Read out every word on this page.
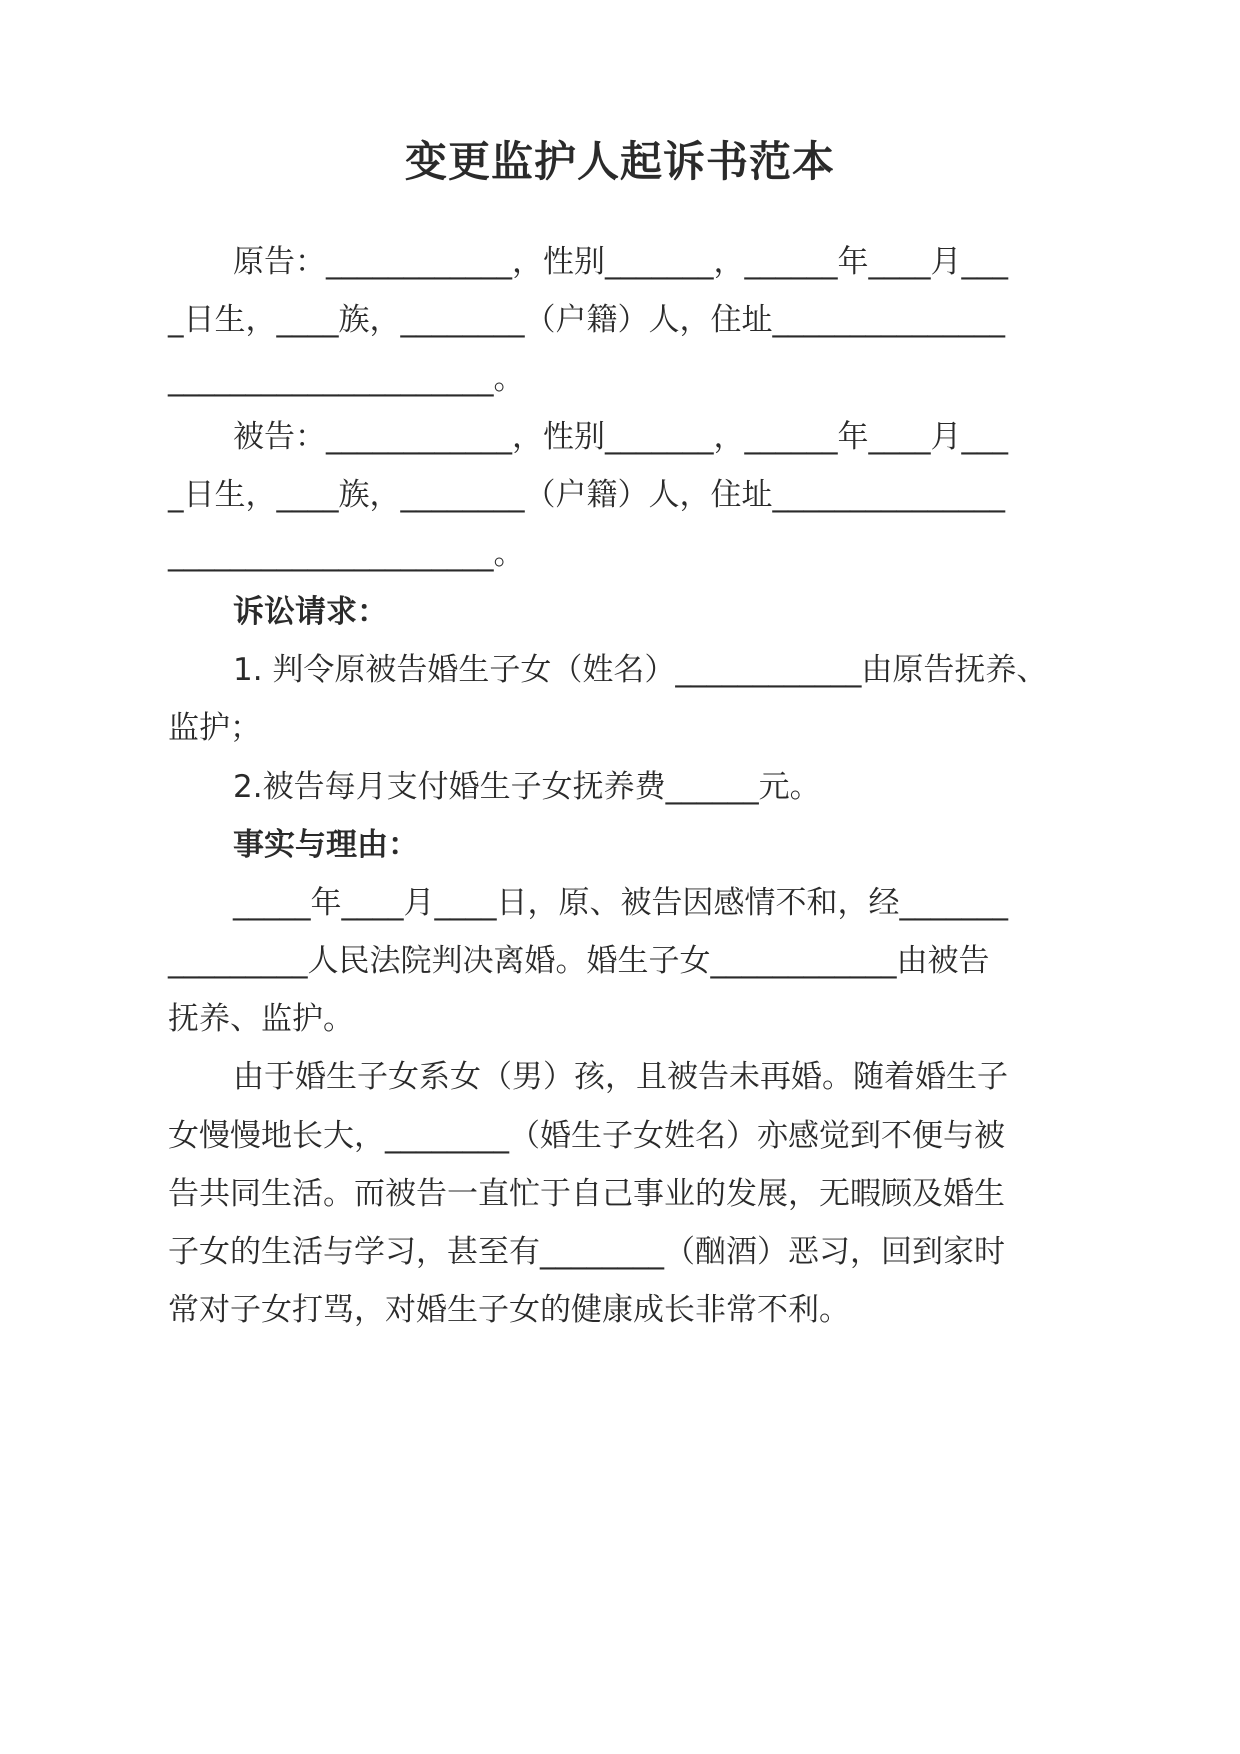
变更监护人起诉书范本
原告：____________，性别_______，______年____月___
_日生，____族，________（户籍）人，住址_______________
_____________________。
被告：____________，性别_______，______年____月___
_日生，____族，________（户籍）人，住址_______________
_____________________。
诉讼请求：
1. 判令原被告婚生子女（姓名）____________由原告抚养、
监护；
2.被告每月支付婚生子女抚养费______元。
事实与理由：
_____年____月____日，原、被告因感情不和，经_______
_________人民法院判决离婚。婚生子女____________由被告
抚养、监护。
由于婚生子女系女（男）孩，且被告未再婚。随着婚生子
女慢慢地长大，________（婚生子女姓名）亦感觉到不便与被
告共同生活。而被告一直忙于自己事业的发展，无暇顾及婚生
子女的生活与学习，甚至有________（酗酒）恶习，回到家时
常对子女打骂，对婚生子女的健康成长非常不利。
